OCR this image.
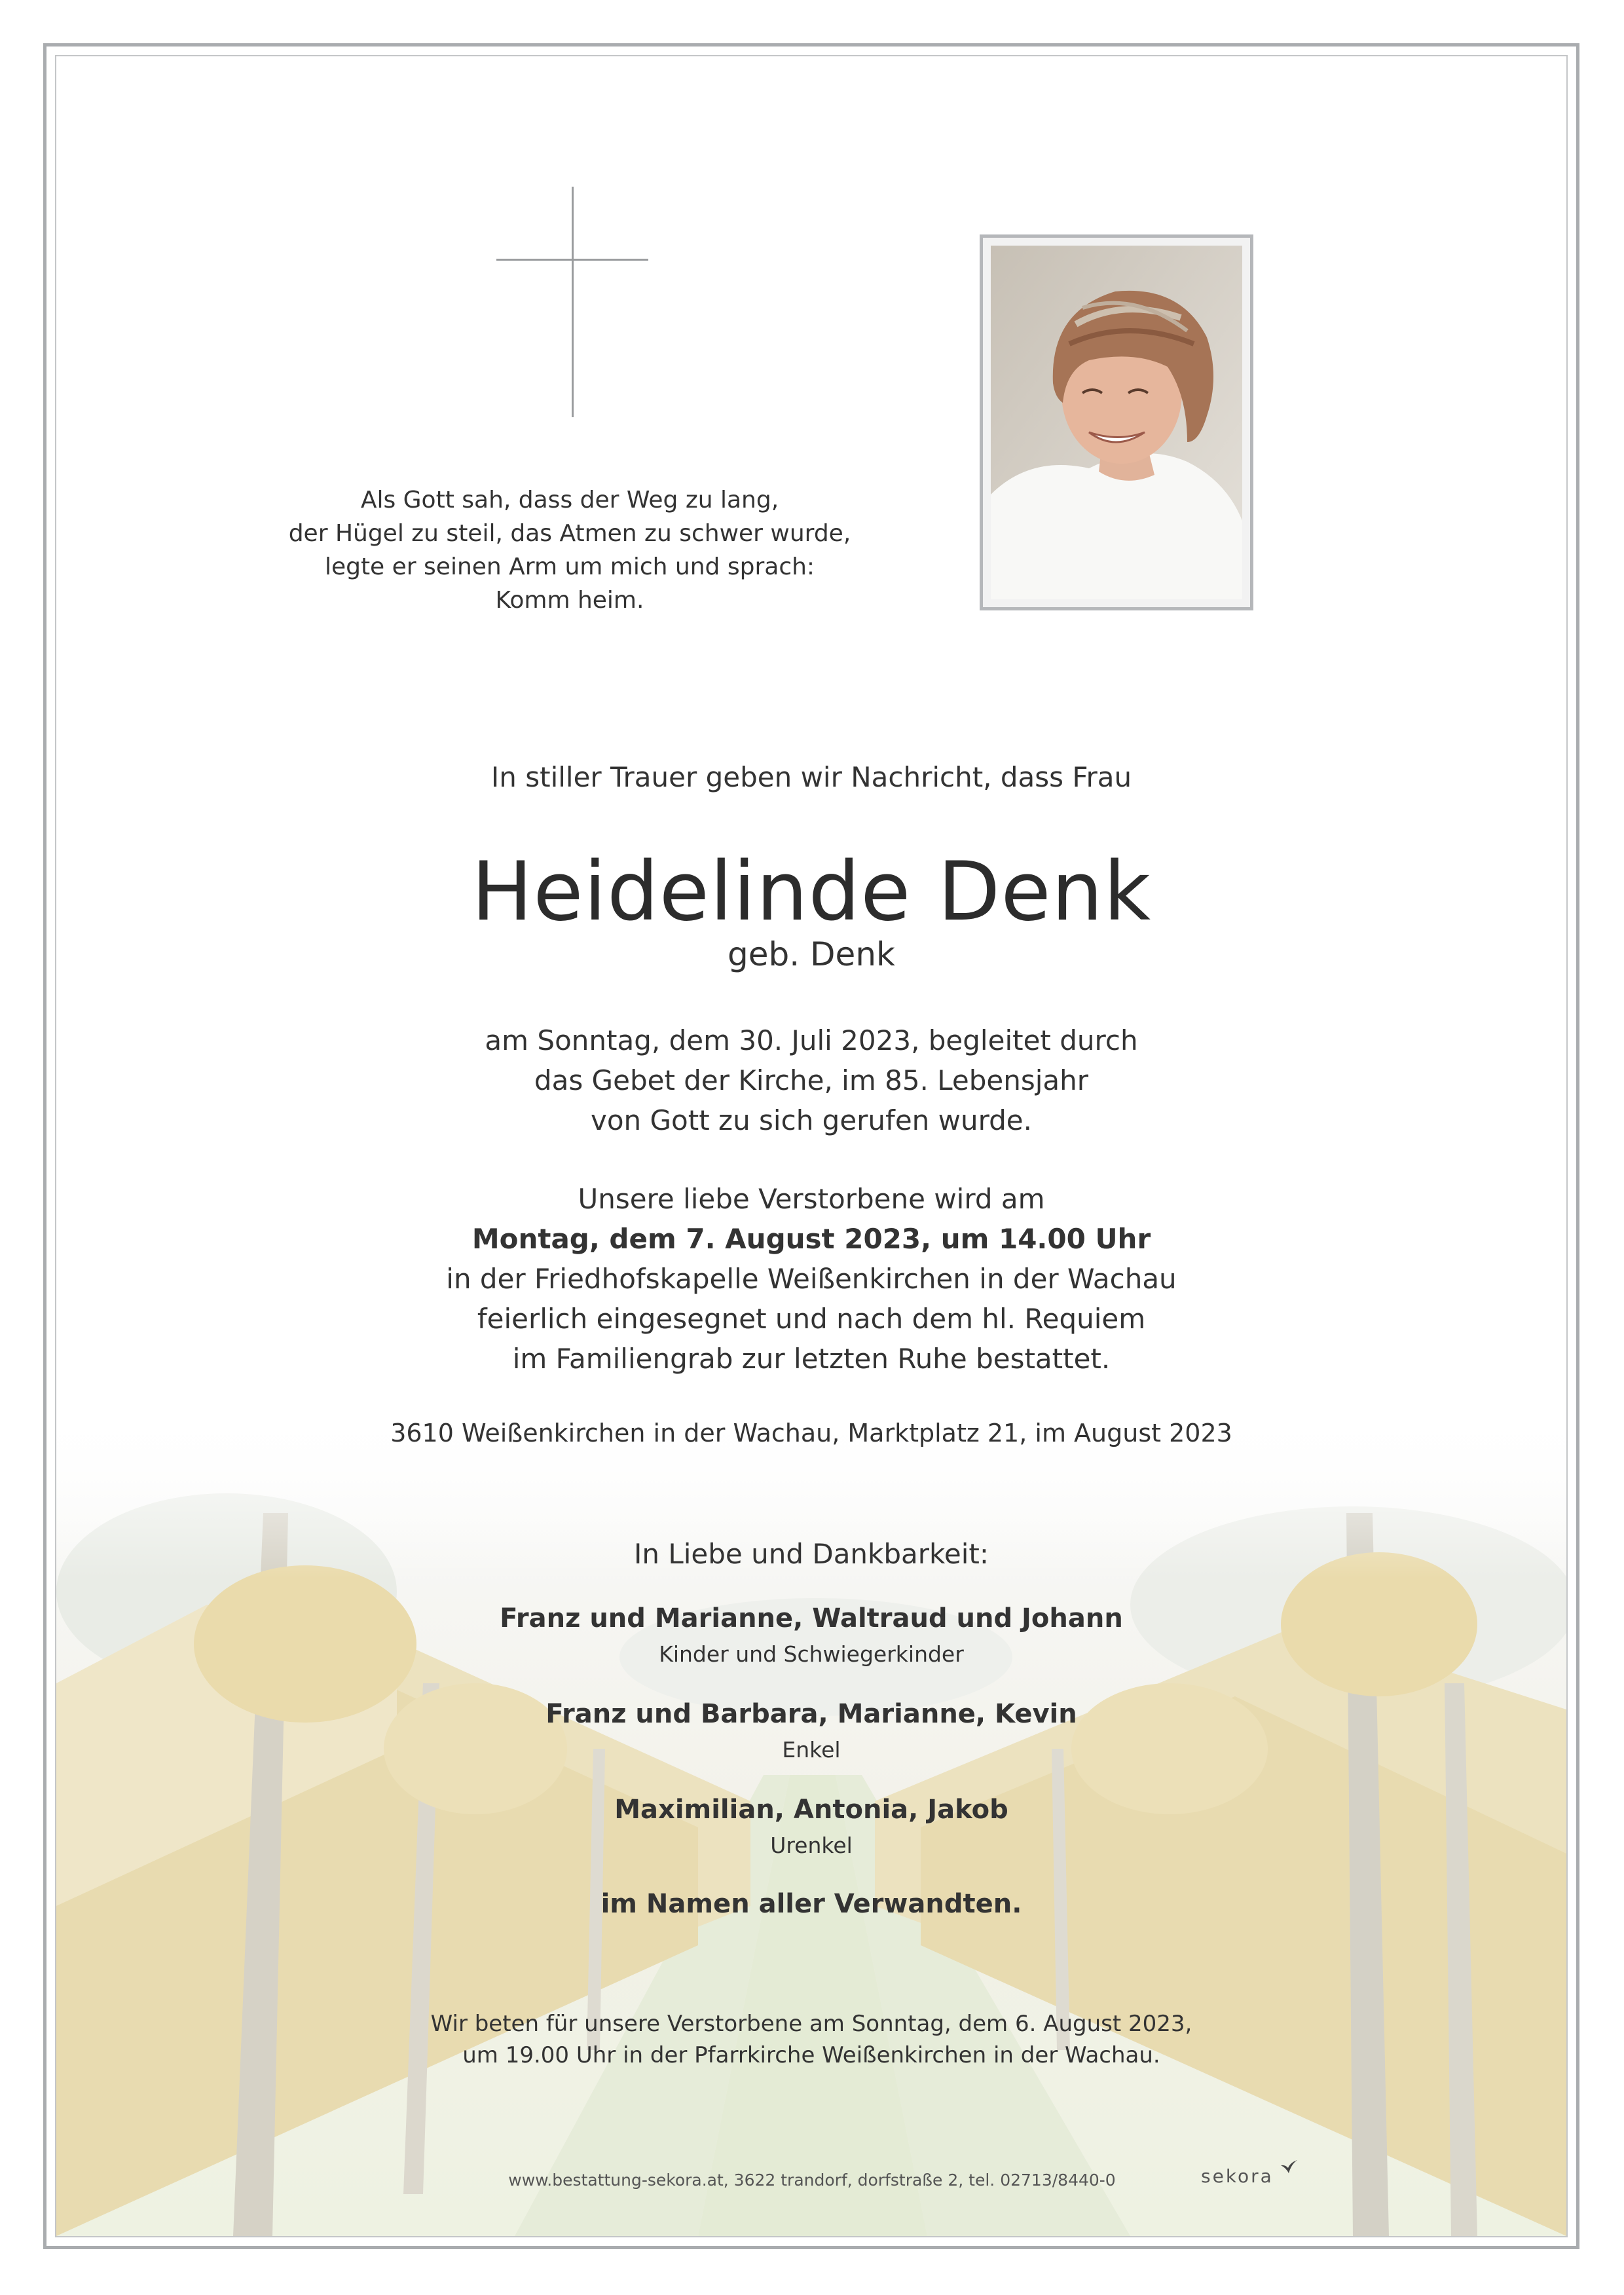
Als Gott sah, dass der Weg zu lang,

der Hügel zu steil, das Atmen zu schwer wurde,

legte er seinen Arm um mich und sprach:

Komm heim.

In stiller Trauer geben wir Nachricht, dass Frau

Heidelinde Denk

geb. Denk

am Sonntag, dem 30. Juli 2023, begleitet durch

das Gebet der Kirche, im 85. Lebensjahr

von Gott zu sich gerufen wurde.

Unsere liebe Verstorbene wird am

Montag, dem 7. August 2023, um 14.00 Uhr

in der Friedhofskapelle Weißenkirchen in der Wachau

feierlich eingesegnet und nach dem hl. Requiem

im Familiengrab zur letzten Ruhe bestattet.

3610 Weißenkirchen in der Wachau, Marktplatz 21, im August 2023

In Liebe und Dankbarkeit:

Franz und Marianne, Waltraud und Johann

Kinder und Schwiegerkinder

Franz und Barbara, Marianne, Kevin

Enkel

Maximilian, Antonia, Jakob

Urenkel

im Namen aller Verwandten.

Wir beten für unsere Verstorbene am Sonntag, dem 6. August 2023,

um 19.00 Uhr in der Pfarrkirche Weißenkirchen in der Wachau.

www.bestattung-sekora.at, 3622 trandorf, dorfstraße 2, tel. 02713/8440-0	sekora
